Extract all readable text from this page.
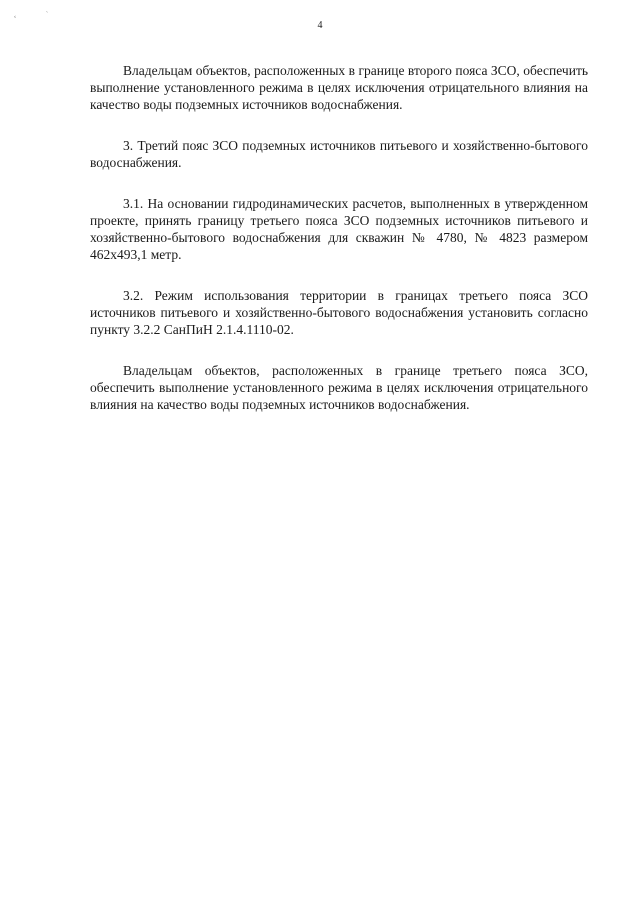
‹	`
4

Владельцам объектов, расположенных в границе второго пояса ЗСО, обеспечить выполнение установленного режима в целях исключения отрицательного влияния на качество воды подземных источников водоснабжения.

3. Третий пояс ЗСО подземных источников питьевого и хозяйственно-бытового водоснабжения.

3.1. На основании гидродинамических расчетов, выполненных в утвержденном проекте, принять границу третьего пояса ЗСО подземных источников питьевого и хозяйственно-бытового водоснабжения для скважин № 4780, № 4823 размером 462х493,1 метр.

3.2. Режим использования территории в границах третьего пояса ЗСО источников питьевого и хозяйственно-бытового водоснабжения установить согласно пункту 3.2.2 СанПиН 2.1.4.1110-02.

Владельцам объектов, расположенных в границе третьего пояса ЗСО, обеспечить выполнение установленного режима в целях исключения отрицательного влияния на качество воды подземных источников водоснабжения.
